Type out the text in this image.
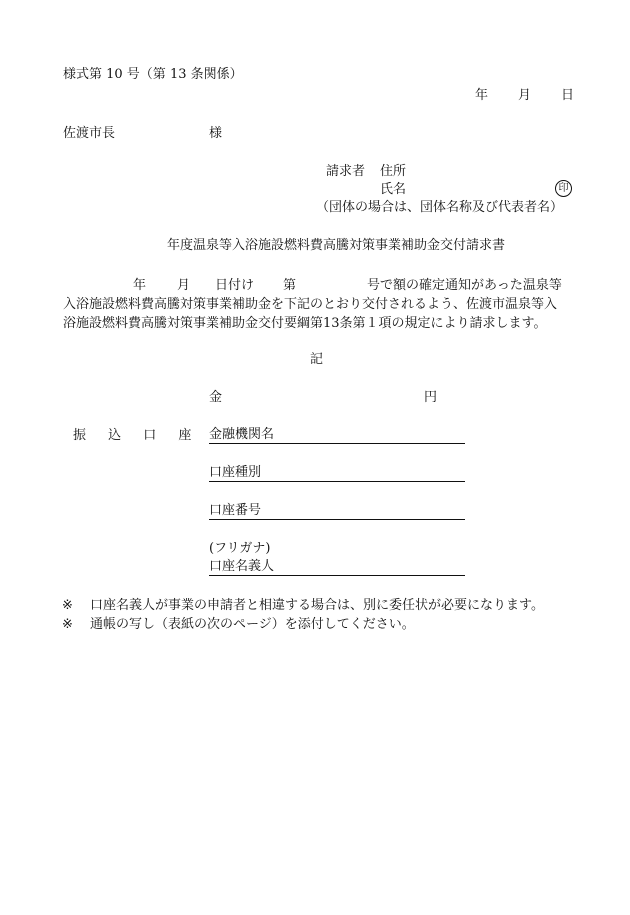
様式第 10 号（第 13 条関係）
年 月 日
佐渡市長	様
請求者 住所
氏名	印
（団体の場合は、団体名称及び代表者名）
年度温泉等入浴施設燃料費高騰対策事業補助金交付請求書
年 月 日付け 第	号で額の確定通知があった温泉等
入浴施設燃料費高騰対策事業補助金を下記のとおり交付されるよう、佐渡市温泉等入
浴施設燃料費高騰対策事業補助金交付要綱第13条第１項の規定により請求します。
記
金	円
振 込 口 座 金融機関名
口座種別
口座番号
(フリガナ)
口座名義人
※ 口座名義人が事業の申請者と相違する場合は、別に委任状が必要になります。
※ 通帳の写し（表紙の次のページ）を添付してください。
